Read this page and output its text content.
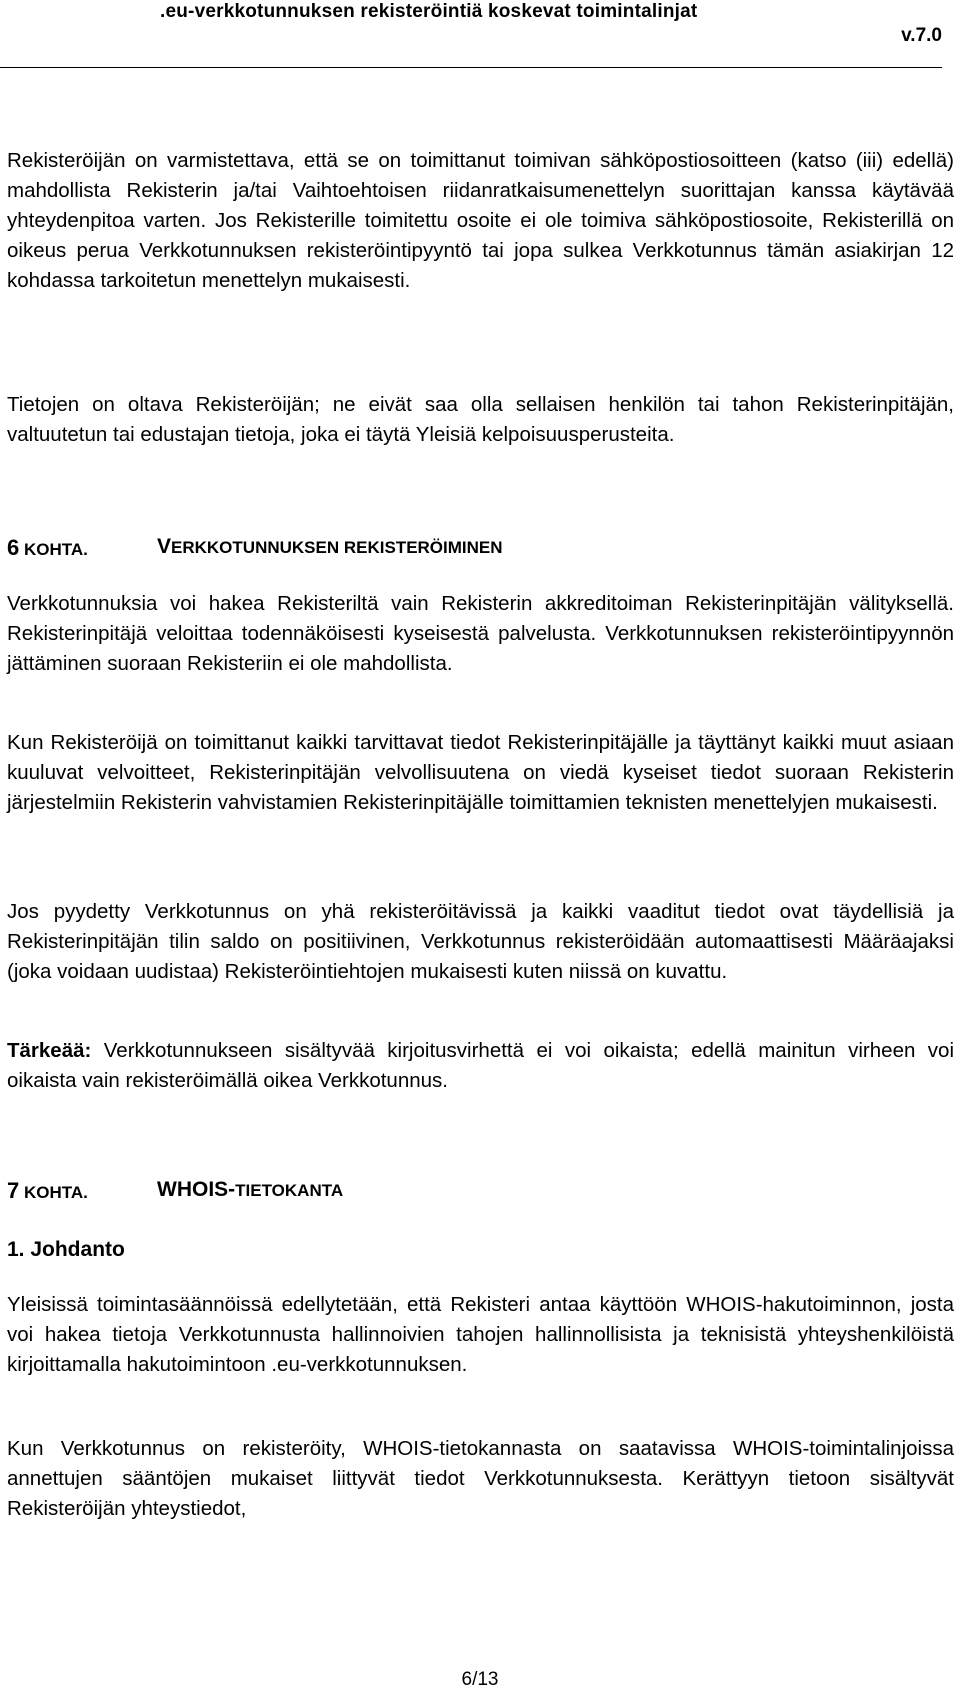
.eu-verkkotunnuksen rekisteröintiä koskevat toimintalinjat
v.7.0

Rekisteröijän on varmistettava, että se on toimittanut toimivan sähköpostiosoitteen (katso (iii) edellä) mahdollista Rekisterin ja/tai Vaihtoehtoisen riidanratkaisumenettelyn suorittajan kanssa käytävää yhteydenpitoa varten. Jos Rekisterille toimitettu osoite ei ole toimiva sähköpostiosoite, Rekisterillä on oikeus perua Verkkotunnuksen rekisteröintipyyntö tai jopa sulkea Verkkotunnus tämän asiakirjan 12 kohdassa tarkoitetun menettelyn mukaisesti.

Tietojen on oltava Rekisteröijän; ne eivät saa olla sellaisen henkilön tai tahon Rekisterinpitäjän, valtuutetun tai edustajan tietoja, joka ei täytä Yleisiä kelpoisuusperusteita.

6 KOHTA.	VERKKOTUNNUKSEN REKISTERÖIMINEN

Verkkotunnuksia voi hakea Rekisteriltä vain Rekisterin akkreditoiman Rekisterinpitäjän välityksellä. Rekisterinpitäjä veloittaa todennäköisesti kyseisestä palvelusta. Verkkotunnuksen rekisteröintipyynnön jättäminen suoraan Rekisteriin ei ole mahdollista.

Kun Rekisteröijä on toimittanut kaikki tarvittavat tiedot Rekisterinpitäjälle ja täyttänyt kaikki muut asiaan kuuluvat velvoitteet, Rekisterinpitäjän velvollisuutena on viedä kyseiset tiedot suoraan Rekisterin järjestelmiin Rekisterin vahvistamien Rekisterinpitäjälle toimittamien teknisten menettelyjen mukaisesti.

Jos pyydetty Verkkotunnus on yhä rekisteröitävissä ja kaikki vaaditut tiedot ovat täydellisiä ja Rekisterinpitäjän tilin saldo on positiivinen, Verkkotunnus rekisteröidään automaattisesti Määräajaksi (joka voidaan uudistaa) Rekisteröintiehtojen mukaisesti kuten niissä on kuvattu.

Tärkeää: Verkkotunnukseen sisältyvää kirjoitusvirhettä ei voi oikaista; edellä mainitun virheen voi oikaista vain rekisteröimällä oikea Verkkotunnus.

7 KOHTA.	WHOIS-TIETOKANTA
1. Johdanto

Yleisissä toimintasäännöissä edellytetään, että Rekisteri antaa käyttöön WHOIS-hakutoiminnon, josta voi hakea tietoja Verkkotunnusta hallinnoivien tahojen hallinnollisista ja teknisistä yhteyshenkilöistä kirjoittamalla hakutoimintoon .eu-verkkotunnuksen.

Kun Verkkotunnus on rekisteröity, WHOIS-tietokannasta on saatavissa WHOIS-toimintalinjoissa annettujen sääntöjen mukaiset liittyvät tiedot Verkkotunnuksesta. Kerättyyn tietoon sisältyvät Rekisteröijän yhteystiedot,

6/13
